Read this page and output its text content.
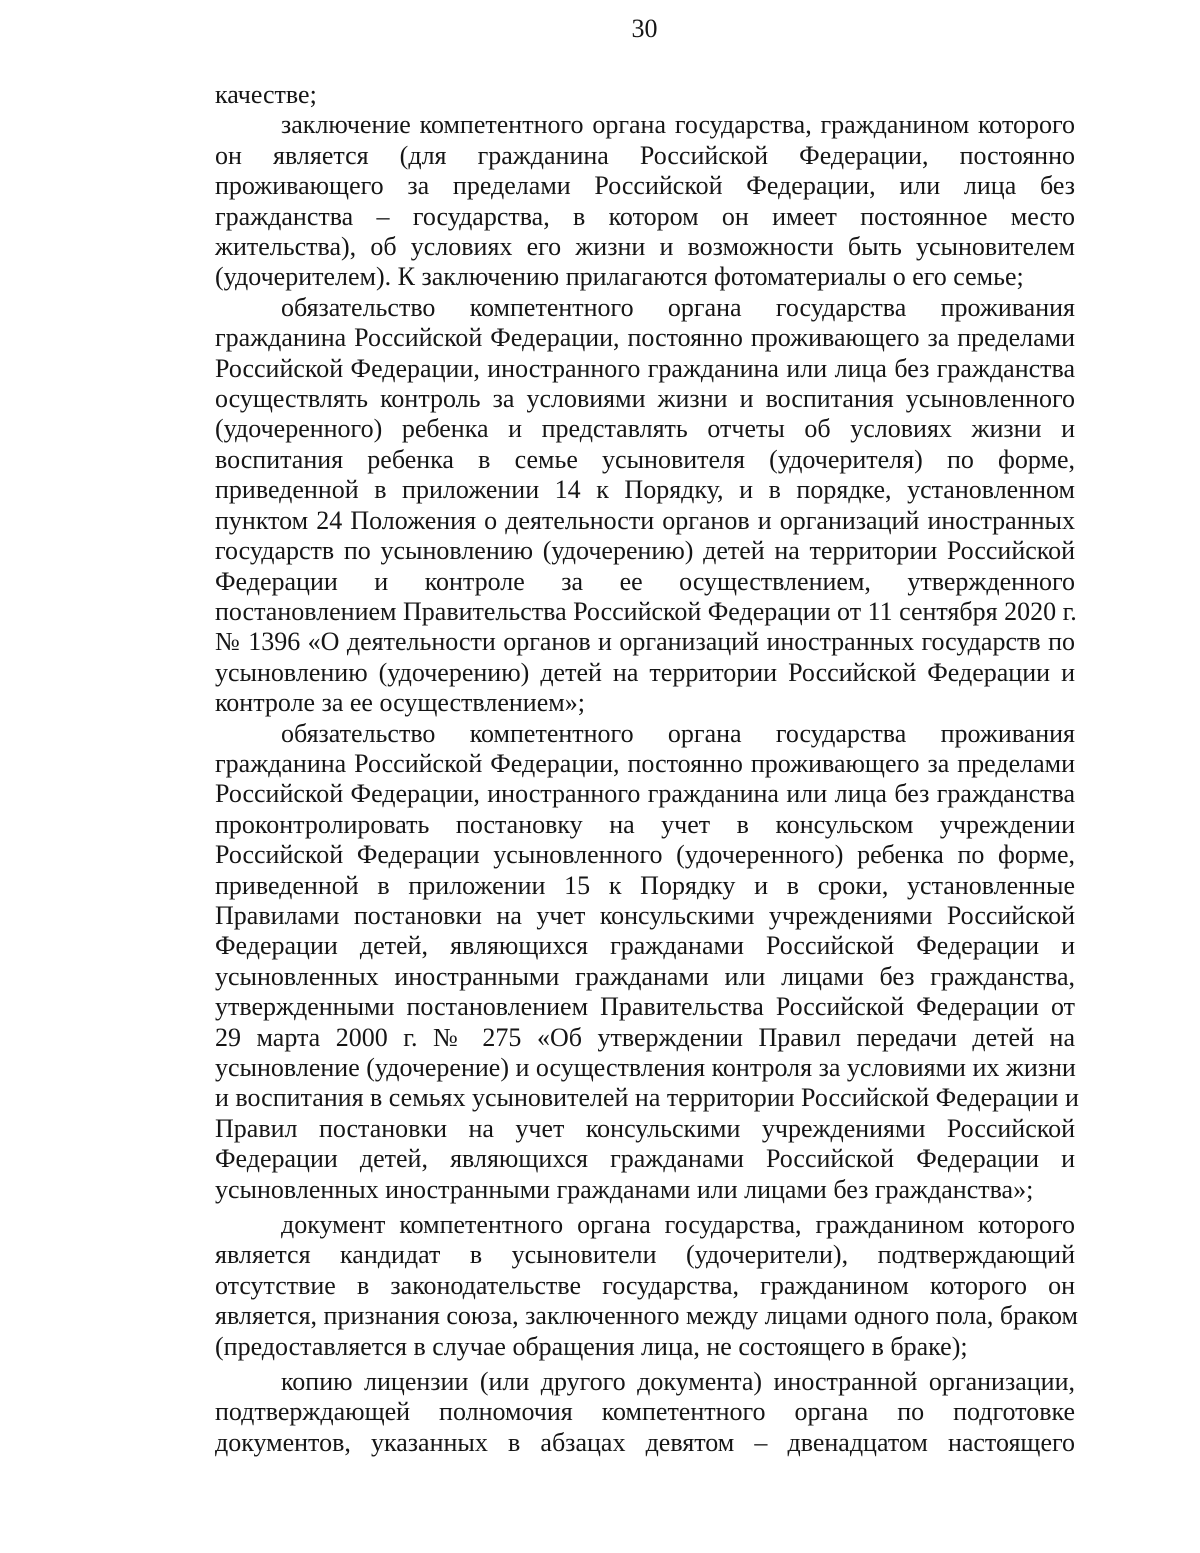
30
качестве;
заключение компетентного органа государства, гражданином которого
он является (для гражданина Российской Федерации, постоянно
проживающего за пределами Российской Федерации, или лица без
гражданства – государства, в котором он имеет постоянное место
жительства), об условиях его жизни и возможности быть усыновителем
(удочерителем). К заключению прилагаются фотоматериалы о его семье;
обязательство компетентного органа государства проживания
гражданина Российской Федерации, постоянно проживающего за пределами
Российской Федерации, иностранного гражданина или лица без гражданства
осуществлять контроль за условиями жизни и воспитания усыновленного
(удочеренного) ребенка и представлять отчеты об условиях жизни и
воспитания ребенка в семье усыновителя (удочерителя) по форме,
приведенной в приложении 14 к Порядку, и в порядке, установленном
пунктом 24 Положения о деятельности органов и организаций иностранных
государств по усыновлению (удочерению) детей на территории Российской
Федерации и контроле за ее осуществлением, утвержденного
постановлением Правительства Российской Федерации от 11 сентября 2020 г.
№ 1396 «О деятельности органов и организаций иностранных государств по
усыновлению (удочерению) детей на территории Российской Федерации и
контроле за ее осуществлением»;
обязательство компетентного органа государства проживания
гражданина Российской Федерации, постоянно проживающего за пределами
Российской Федерации, иностранного гражданина или лица без гражданства
проконтролировать постановку на учет в консульском учреждении
Российской Федерации усыновленного (удочеренного) ребенка по форме,
приведенной в приложении 15 к Порядку и в сроки, установленные
Правилами постановки на учет консульскими учреждениями Российской
Федерации детей, являющихся гражданами Российской Федерации и
усыновленных иностранными гражданами или лицами без гражданства,
утвержденными постановлением Правительства Российской Федерации от
29 марта 2000 г. № 275 «Об утверждении Правил передачи детей на
усыновление (удочерение) и осуществления контроля за условиями их жизни
и воспитания в семьях усыновителей на территории Российской Федерации и
Правил постановки на учет консульскими учреждениями Российской
Федерации детей, являющихся гражданами Российской Федерации и
усыновленных иностранными гражданами или лицами без гражданства»;
документ компетентного органа государства, гражданином которого
является кандидат в усыновители (удочерители), подтверждающий
отсутствие в законодательстве государства, гражданином которого он
является, признания союза, заключенного между лицами одного пола, браком
(предоставляется в случае обращения лица, не состоящего в браке);
копию лицензии (или другого документа) иностранной организации,
подтверждающей полномочия компетентного органа по подготовке
документов, указанных в абзацах девятом – двенадцатом настоящего
